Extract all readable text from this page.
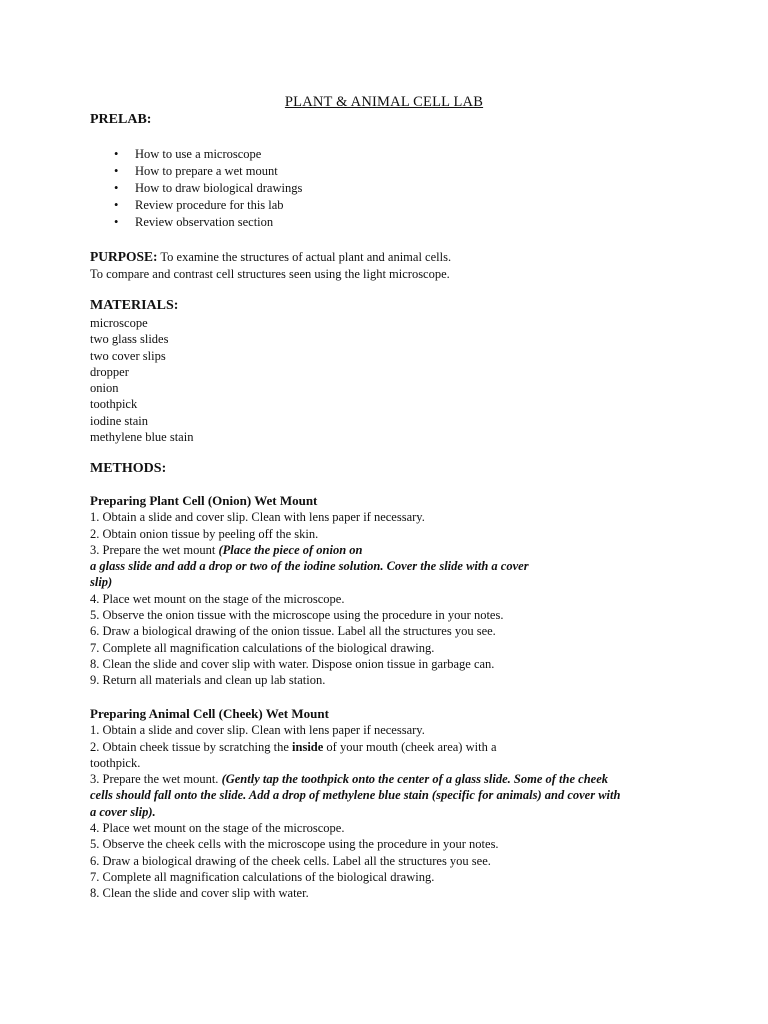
PLANT & ANIMAL CELL LAB
PRELAB:
• How to use a microscope
• How to prepare a wet mount
• How to draw biological drawings
• Review procedure for this lab
• Review observation section
PURPOSE: To examine the structures of actual plant and animal cells.
To compare and contrast cell structures seen using the light microscope.
MATERIALS:
microscope
two glass slides
two cover slips
dropper
onion
toothpick
iodine stain
methylene blue stain
METHODS:
Preparing Plant Cell (Onion) Wet Mount
1. Obtain a slide and cover slip. Clean with lens paper if necessary.
2. Obtain onion tissue by peeling off the skin.
3. Prepare the wet mount (Place the piece of onion on
a glass slide and add a drop or two of the iodine solution. Cover the slide with a cover
slip)
4. Place wet mount on the stage of the microscope.
5. Observe the onion tissue with the microscope using the procedure in your notes.
6. Draw a biological drawing of the onion tissue. Label all the structures you see.
7. Complete all magnification calculations of the biological drawing.
8. Clean the slide and cover slip with water. Dispose onion tissue in garbage can.
9. Return all materials and clean up lab station.
Preparing Animal Cell (Cheek) Wet Mount
1. Obtain a slide and cover slip. Clean with lens paper if necessary.
2. Obtain cheek tissue by scratching the inside of your mouth (cheek area) with a
toothpick.
3. Prepare the wet mount. (Gently tap the toothpick onto the center of a glass slide. Some of the cheek
cells should fall onto the slide. Add a drop of methylene blue stain (specific for animals) and cover with
a cover slip).
4. Place wet mount on the stage of the microscope.
5. Observe the cheek cells with the microscope using the procedure in your notes.
6. Draw a biological drawing of the cheek cells. Label all the structures you see.
7. Complete all magnification calculations of the biological drawing.
8. Clean the slide and cover slip with water.
